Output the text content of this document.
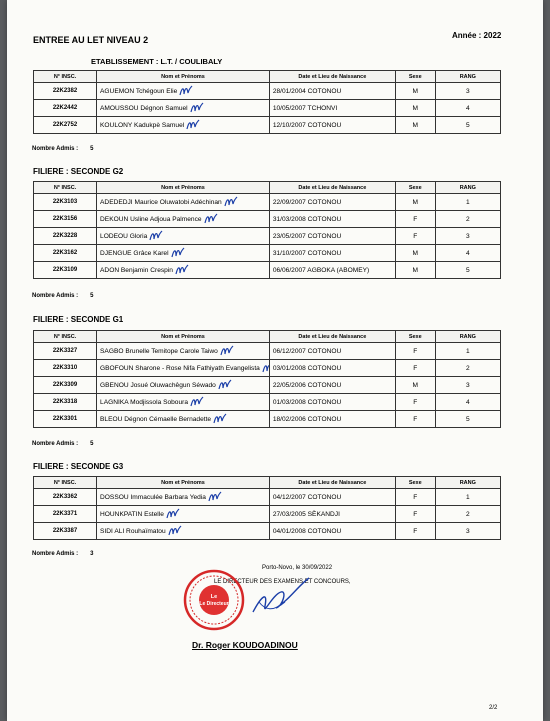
ENTREE AU LET NIVEAU 2	Année : 2022
ETABLISSEMENT : L.T. / COULIBALY
N° INSC.	Nom et Prénoms	Date et Lieu de Naissance	Sexe	RANG
22K2382	AGUEMON Tchégoun Elie	28/01/2004 COTONOU	M	3
22K2442	AMOUSSOU Dégnon Samuel	10/05/2007 TCHONVI	M	4
22K2752	KOULONY Kadukpè Samuel	12/10/2007 COTONOU	M	5
Nombre Admis : 5
FILIERE : SECONDE G2
N° INSC.	Nom et Prénoms	Date et Lieu de Naissance	Sexe	RANG
22K3103	ADEDEDJI Maurice Oluwatobi Adéchinan	22/09/2007 COTONOU	M	1
22K3156	DEKOUN Usline Adjoua Palmence	31/03/2008 COTONOU	F	2
22K3228	LODEOU Gloria	23/05/2007 COTONOU	F	3
22K3162	DJENGUE Grâce Karel	31/10/2007 COTONOU	M	4
22K3109	ADON Benjamin Crespin	06/06/2007 AGBOKA (ABOMEY)	M	5
Nombre Admis : 5
FILIERE : SECONDE G1
N° INSC.	Nom et Prénoms	Date et Lieu de Naissance	Sexe	RANG
22K3327	SAGBO Brunelle Temitope Carole Taiwo	06/12/2007 COTONOU	F	1
22K3310	GBOFOUN Sharone - Rose Nifa Fathiyath Evangelista	03/01/2008 COTONOU	F	2
22K3309	GBENOU Josué Oluwachêgun Séwado	22/05/2006 COTONOU	M	3
22K3318	LAGNIKA Modjissola Soboura	01/03/2008 COTONOU	F	4
22K3301	BLEOU Dégnon Cémaelle Bernadette	18/02/2006 COTONOU	F	5
Nombre Admis : 5
FILIERE : SECONDE G3
N° INSC.	Nom et Prénoms	Date et Lieu de Naissance	Sexe	RANG
22K3362	DOSSOU Immaculée Barbara Yedia	04/12/2007 COTONOU	F	1
22K3371	HOUNKPATIN Estelle	27/03/2005 SÈKANDJI	F	2
22K3387	SIDI ALI Rouhaïmatou	04/01/2008 COTONOU	F	3
Nombre Admis : 3
Porto-Novo, le 30/09/2022
LE DIRECTEUR DES EXAMENS ET CONCOURS,
Le
Le Directeur
Dr. Roger KOUDOADINOU
2/2
